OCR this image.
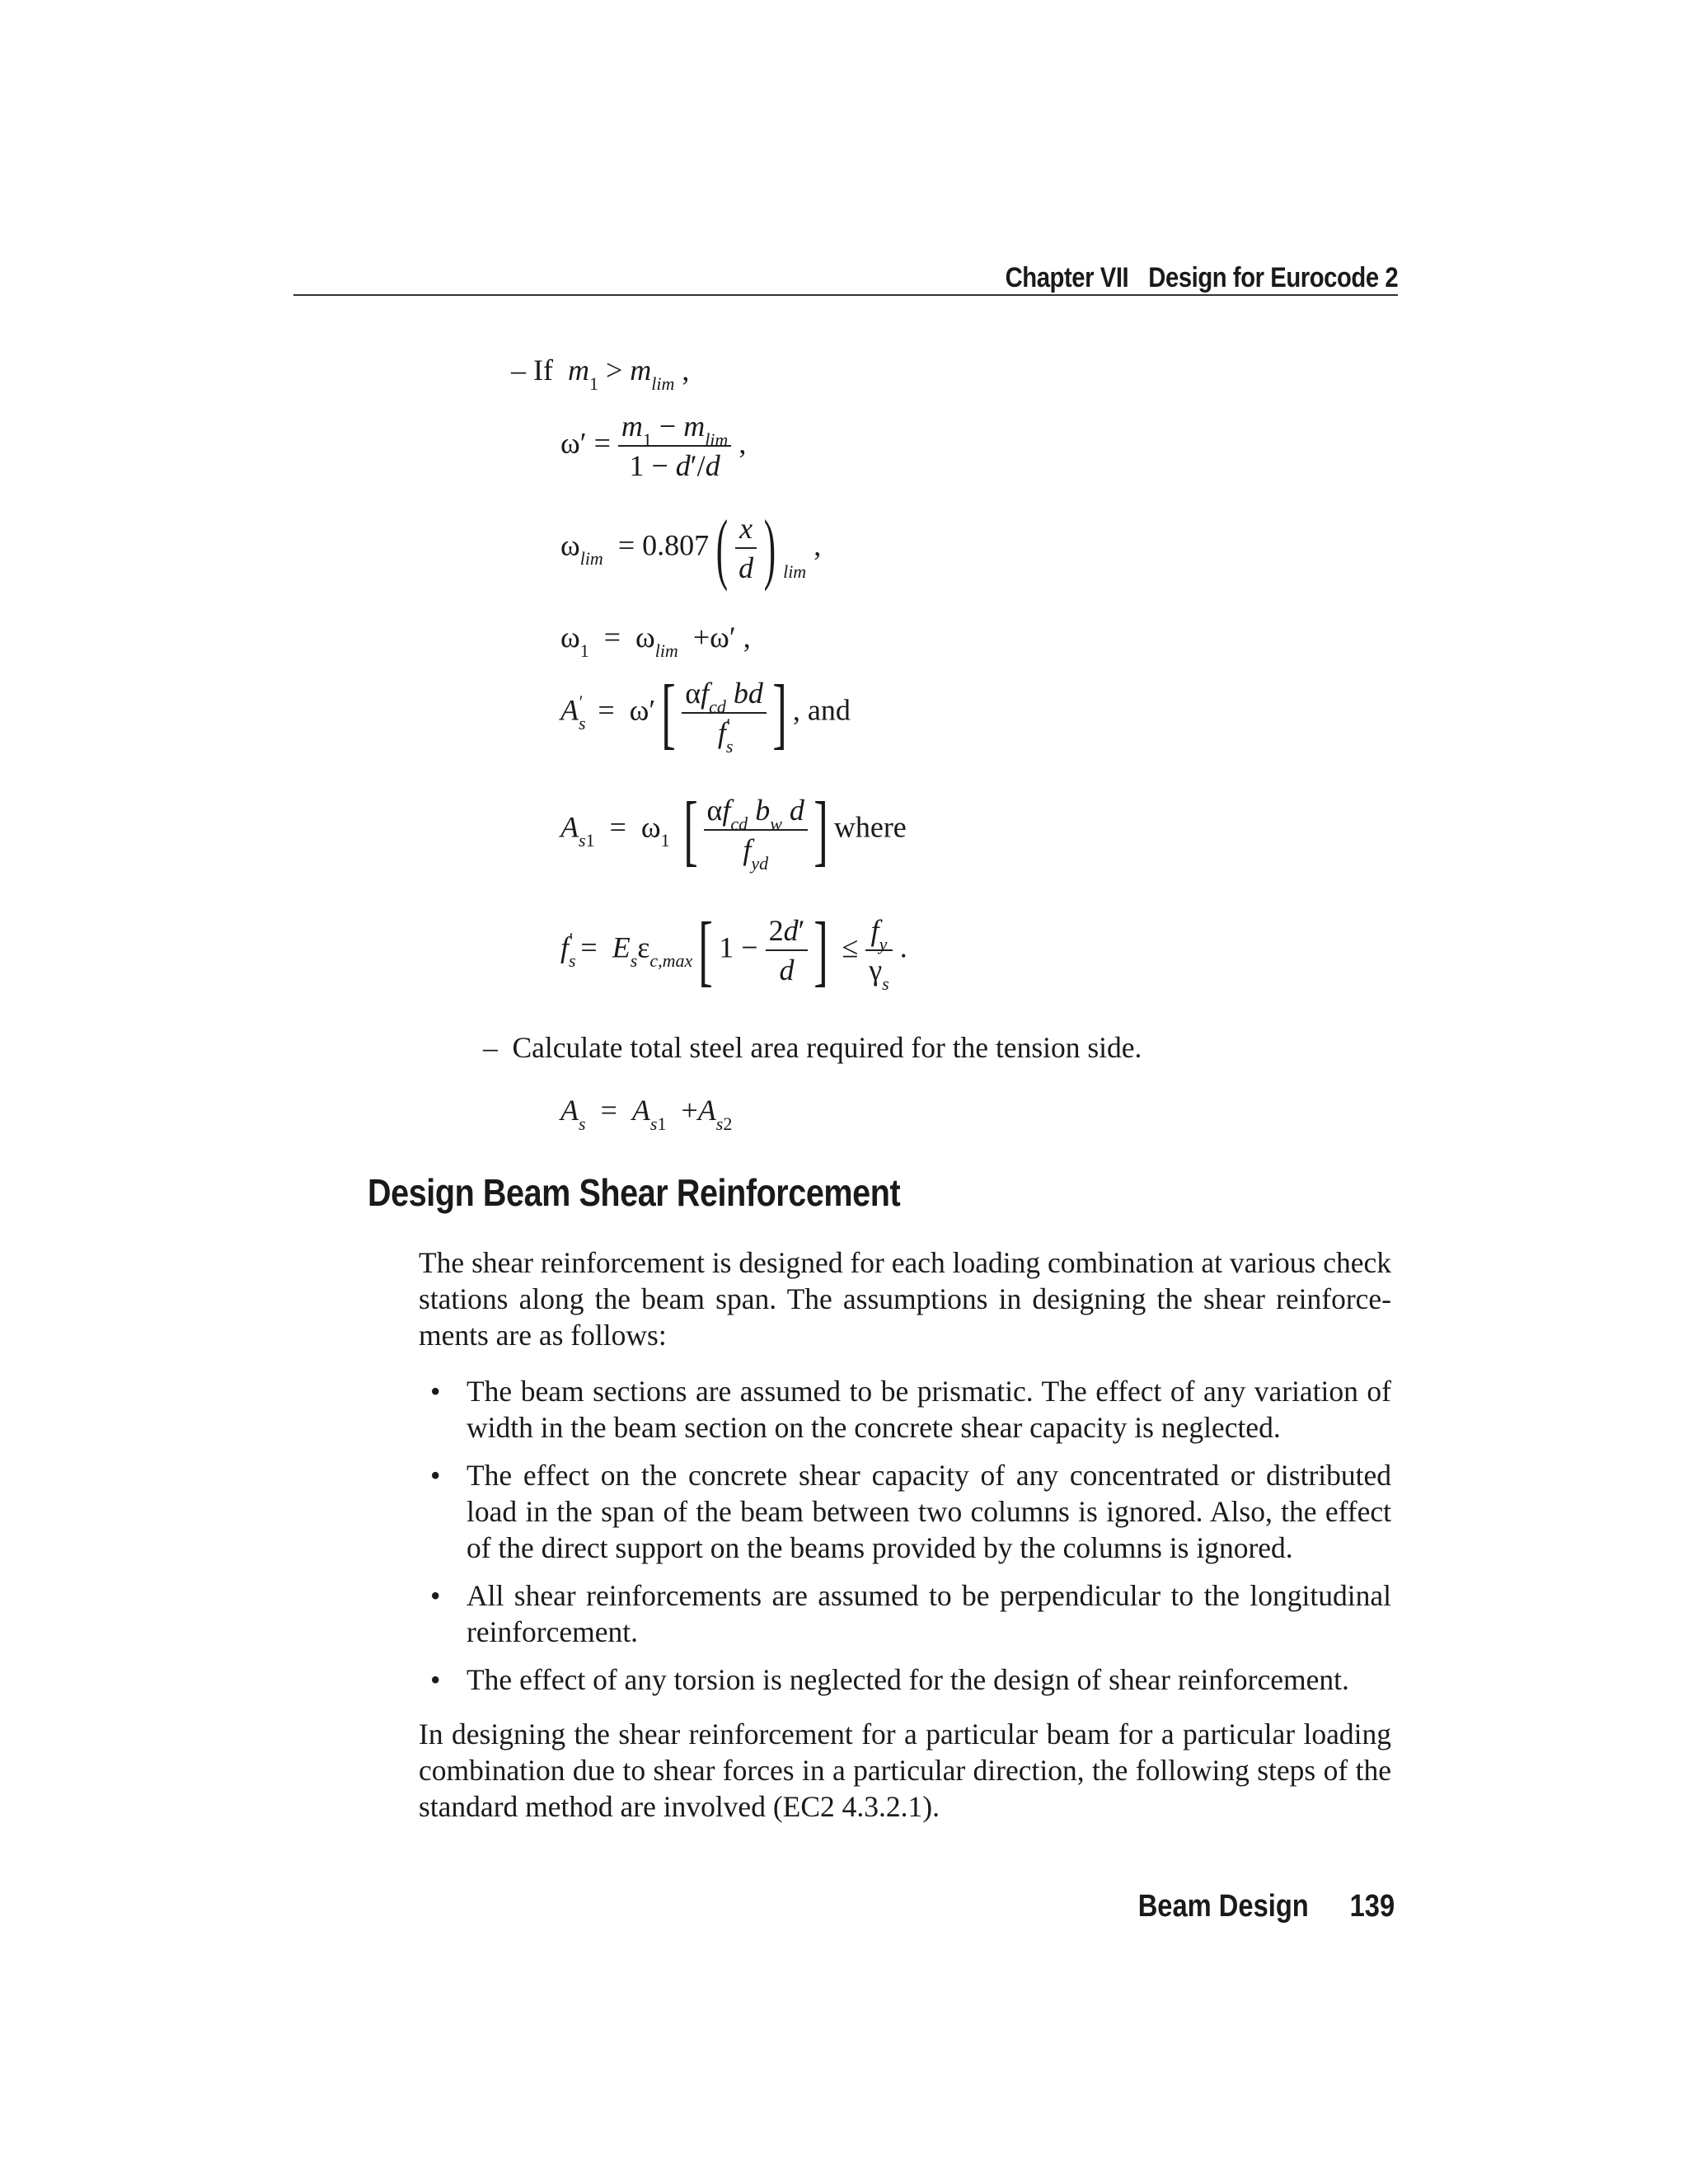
Chapter VII Design for Eurocode 2
– If $m_1 > m_{lim}$ ,
$\omega' = \frac{m_1 - m_{lim}}{1 - d'/d}$ ,
$\omega_{lim} = 0.807( \frac{x}{d}$ ) $_{lim}$ ,
$\omega_1 = \omega_{lim} +\omega'$ ,
$A_s' = \omega'[ \frac{\alpha f_{cd} bd}{f_s'}$ ] , and
$A_{s1} = \omega_1$ [ $\frac{\alpha f_{cd} b_w d}{f_{yd}}$ ] where
$f_s' = E_s\varepsilon_{c,max}$[ $1 - \frac{2d'}{d}$ ] ≤ $\frac{f_y}{\gamma_s}$ .
–  Calculate total steel area required for the tension side.
$A_s = A_{s1} +A_{s2}$
Design Beam Shear Reinforcement
The shear reinforcement is designed for each loading combination at various check stations along the beam span. The assumptions in designing the shear reinforce-ments are as follows:
• The beam sections are assumed to be prismatic. The effect of any variation of width in the beam section on the concrete shear capacity is neglected.
• The effect on the concrete shear capacity of any concentrated or distributed load in the span of the beam between two columns is ignored. Also, the effect of the direct support on the beams provided by the columns is ignored.
• All shear reinforcements are assumed to be perpendicular to the longitudinal reinforcement.
• The effect of any torsion is neglected for the design of shear reinforcement.
In designing the shear reinforcement for a particular beam for a particular loading combination due to shear forces in a particular direction, the following steps of the standard method are involved (EC2 4.3.2.1).
Beam Design 139
